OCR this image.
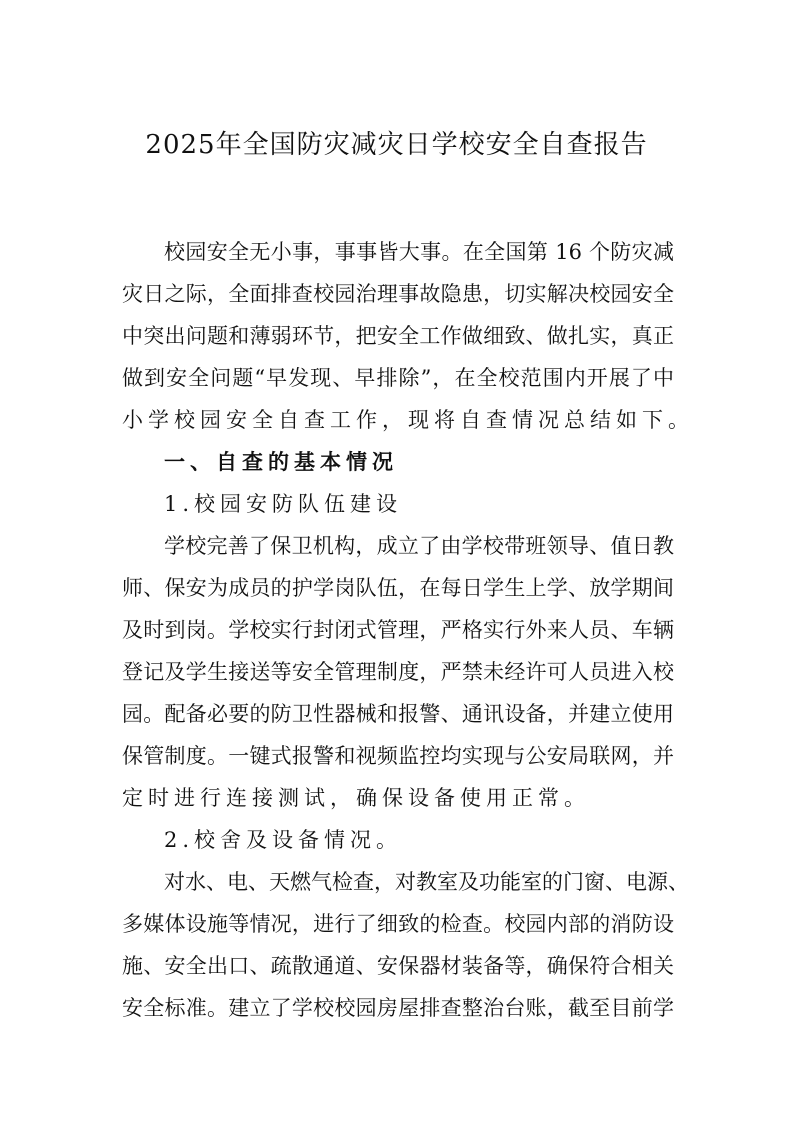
2025年全国防灾减灾日学校安全自查报告
校园安全无小事，事事皆大事。在全国第 16 个防灾减
灾日之际，全面排查校园治理事故隐患，切实解决校园安全
中突出问题和薄弱环节，把安全工作做细致、做扎实，真正
做到安全问题“早发现、早排除”，在全校范围内开展了中
小学校园安全自查工作，现将自查情况总结如下。
一、自查的基本情况
1.校园安防队伍建设
学校完善了保卫机构，成立了由学校带班领导、值日教
师、保安为成员的护学岗队伍，在每日学生上学、放学期间
及时到岗。学校实行封闭式管理，严格实行外来人员、车辆
登记及学生接送等安全管理制度，严禁未经许可人员进入校
园。配备必要的防卫性器械和报警、通讯设备，并建立使用
保管制度。一键式报警和视频监控均实现与公安局联网，并
定时进行连接测试，确保设备使用正常。
2.校舍及设备情况。
对水、电、天燃气检查，对教室及功能室的门窗、电源、
多媒体设施等情况，进行了细致的检查。校园内部的消防设
施、安全出口、疏散通道、安保器材装备等，确保符合相关
安全标准。建立了学校校园房屋排查整治台账，截至目前学
